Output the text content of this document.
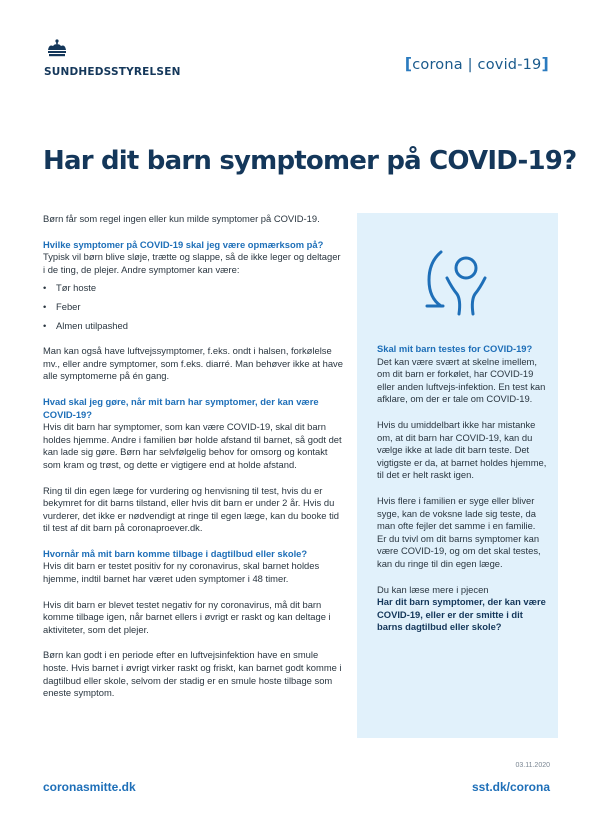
SUNDHEDSSTYRELSEN	[corona | covid-19]
Har dit barn symptomer på COVID-19?

Børn får som regel ingen eller kun milde symptomer på COVID-19.

Hvilke symptomer på COVID-19 skal jeg være opmærksom på?

Typisk vil børn blive sløje, trætte og slappe, så de ikke leger og deltager i de ting, de plejer. Andre symptomer kan være:

• Tør hoste
• Feber
• Almen utilpashed

Man kan også have luftvejssymptomer, f.eks. ondt i halsen, forkølelse mv., eller andre symptomer, som f.eks. diarré. Man behøver ikke at have alle symptomerne på én gang.

Hvad skal jeg gøre, når mit barn har symptomer, der kan være COVID-19?

Hvis dit barn har symptomer, som kan være COVID-19, skal dit barn holdes hjemme. Andre i familien bør holde afstand til barnet, så godt det kan lade sig gøre. Børn har selvfølgelig behov for omsorg og kontakt som kram og trøst, og dette er vigtigere end at holde afstand.

Ring til din egen læge for vurdering og henvisning til test, hvis du er bekymret for dit barns tilstand, eller hvis dit barn er under 2 år. Hvis du vurderer, det ikke er nødvendigt at ringe til egen læge, kan du booke tid til test af dit barn på coronaproever.dk.

Hvornår må mit barn komme tilbage i dagtilbud eller skole?

Hvis dit barn er testet positiv for ny coronavirus, skal barnet holdes hjemme, indtil barnet har været uden symptomer i 48 timer.

Hvis dit barn er blevet testet negativ for ny coronavirus, må dit barn komme tilbage igen, når barnet ellers i øvrigt er raskt og kan deltage i aktiviteter, som det plejer.

Børn kan godt i en periode efter en luftvejsinfektion have en smule hoste. Hvis barnet i øvrigt virker raskt og friskt, kan barnet godt komme i dagtilbud eller skole, selvom der stadig er en smule hoste tilbage som eneste symptom.

Skal mit barn testes for COVID-19?

Det kan være svært at skelne imellem, om dit barn er forkølet, har COVID-19 eller anden luftvejs-infektion. En test kan afklare, om der er tale om COVID-19.

Hvis du umiddelbart ikke har mistanke om, at dit barn har COVID-19, kan du vælge ikke at lade dit barn teste. Det vigtigste er da, at barnet holdes hjemme, til det er helt raskt igen.

Hvis flere i familien er syge eller bliver syge, kan de voksne lade sig teste, da man ofte fejler det samme i en familie. Er du tvivl om dit barns symptomer kan være COVID-19, og om det skal testes, kan du ringe til din egen læge.

Du kan læse mere i pjecen
Har dit barn symptomer, der kan være COVID-19, eller er der smitte i dit barns dagtilbud eller skole?

03.11.2020
coronasmitte.dk	sst.dk/corona
